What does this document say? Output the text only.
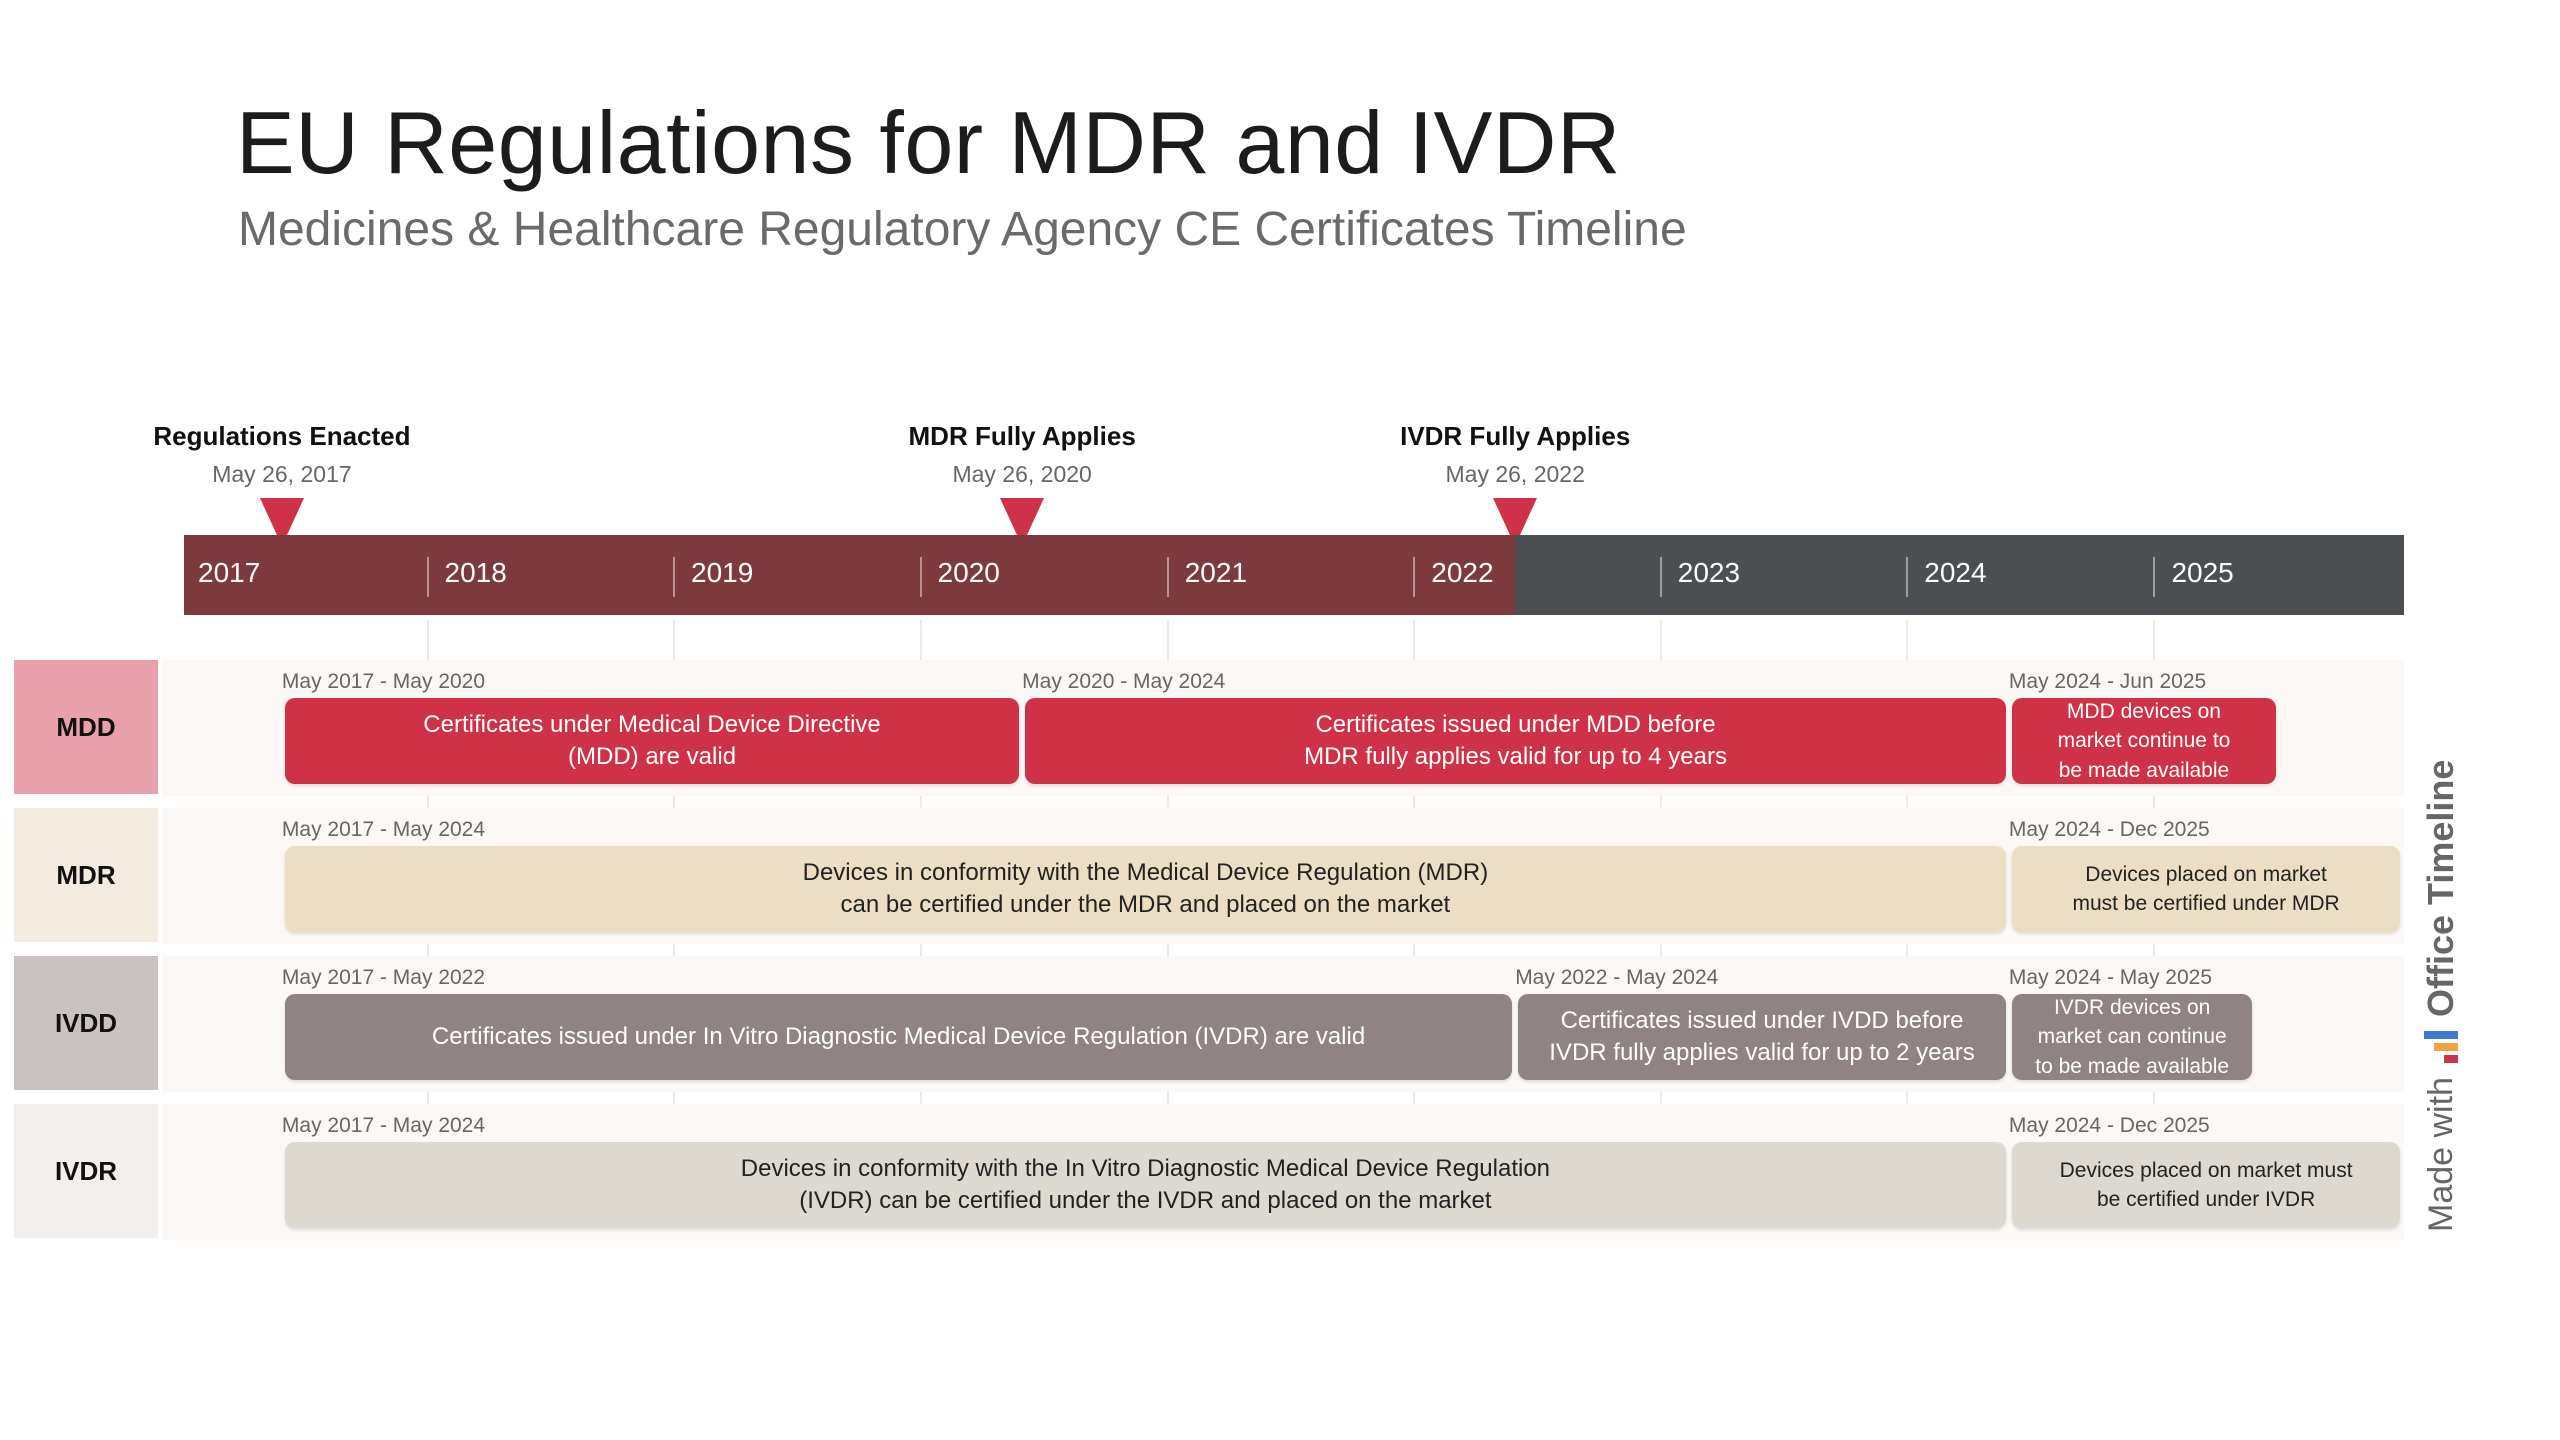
EU Regulations for MDR and IVDR
Medicines & Healthcare Regulatory Agency CE Certificates Timeline
Regulations Enacted
May 26, 2017
MDR Fully Applies
May 26, 2020
IVDR Fully Applies
May 26, 2022
2017	2018	2019	2020	2021	2022	2023	2024	2025
MDD
May 2017 - May 2020
Certificates under Medical Device Directive
(MDD) are valid
May 2020 - May 2024
Certificates issued under MDD before
MDR fully applies valid for up to 4 years
May 2024 - Jun 2025
MDD devices on
market continue to
be made available
MDR
May 2017 - May 2024
Devices in conformity with the Medical Device Regulation (MDR)
can be certified under the MDR and placed on the market
May 2024 - Dec 2025
Devices placed on market
must be certified under MDR
IVDD
May 2017 - May 2022
Certificates issued under In Vitro Diagnostic Medical Device Regulation (IVDR) are valid
May 2022 - May 2024
Certificates issued under IVDD before
IVDR fully applies valid for up to 2 years
May 2024 - May 2025
IVDR devices on
market can continue
to be made available
IVDR
May 2017 - May 2024
Devices in conformity with the In Vitro Diagnostic Medical Device Regulation
(IVDR) can be certified under the IVDR and placed on the market
May 2024 - Dec 2025
Devices placed on market must
be certified under IVDR	Made with
Office Timeline
